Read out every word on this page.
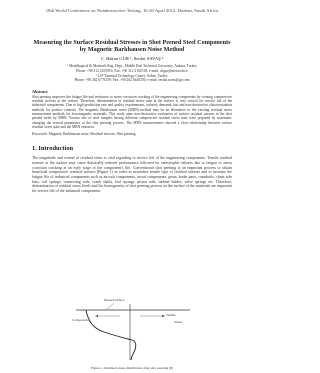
18th World Conference on Nondestructive Testing, 16-20 April 2012, Durban, South Africa
Measuring the Surface Residual Stresses in Shot Peened Steel Components by Magnetic Barkhausen Noise Method
C. Hakan GÜR ¹, Serdar SAVAŞ ²
¹ Metallurgical & Materials Eng. Dept., Middle East Technical University, Ankara, Turkey
Phone: +90 312 2105916; Fax: +90 312 2102518; e-mail: chgur@metu.edu.tr
² LIF Tarımsal Technology Center, Gebze, Turkey
Phone: +90 262 6776159; Fax: +90 262 6440350; e-mail: serdar.savas@ge.com
Abstract
Shot peening improves the fatigue life and resistance to stress-corrosion cracking of the engineering components by creating compressive residual stresses at the surface. Therefore, determination of residual stress state at the surface is very critical for service life of the industrial components. Due to high production rate and quality requirements, industry demands fast and non-destructive characterization methods for product controls. The magnetic Barkhausen noise (MBN) method may be an alternative to the existing residual stress measurement methods for ferromagnetic materials. This study aims non-destructive evaluation of surface residual stresses in the shot peened steels by MBN. Various sets of steel samples having different compressive residual stress state were prepared by systematic changing the several parameters of the shot peening process. The MBN measurements showed a clear relationship between surface residual stress state and the MBN emission.
Keywords: Magnetic Barkhausen noise, Residual stresses, Shot peening
1. Introduction
The magnitude and extend of residual stress is vital regarding to service life of the engineering components. Tensile residual stresses at the surface may cause drastically reduced performance followed by catastrophic failures due to fatigue or stress corrosion cracking at an early stage of the component's life. Conventional shot peening is an important process to obtain beneficial compressive residual stresses (Figure 1) in order to neutralize tensile type of residual stresses and to increase the fatigue life of industrial components such as aircraft components, arcraf components, gears, brake parts, camshafts, chain side bars, coil springs, connecting rods, crank shafts, leaf springs, piston rods, turbine blades, valve springs etc. Therefore, determination of residual stress levels and the homogeneity of shot peening process on the surface of the materials are important for service life of the industrial components.
Peened surface
Tensile
Compressive	Stress
Figure 1. Residual stress distribution after shot peening [8]
